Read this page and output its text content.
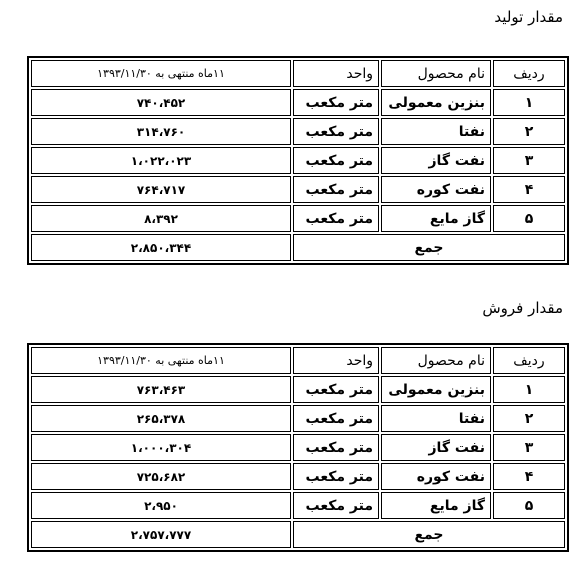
مقدار تولید
ردیف	نام محصول	واحد	۱۱ماه منتهی به ۱۳۹۳/۱۱/۳۰
۱	بنزین معمولی	متر مکعب	۷۴۰،۴۵۲
۲	نفتا	متر مکعب	۳۱۴،۷۶۰
۳	نفت گاز	متر مکعب	۱،۰۲۲،۰۲۳
۴	نفت کوره	متر مکعب	۷۶۴،۷۱۷
۵	گاز مایع	متر مکعب	۸،۳۹۲
جمع			۲،۸۵۰،۳۴۴
مقدار فروش
ردیف	نام محصول	واحد	۱۱ماه منتهی به ۱۳۹۳/۱۱/۳۰
۱	بنزین معمولی	متر مکعب	۷۶۳،۴۶۳
۲	نفتا	متر مکعب	۲۶۵،۳۷۸
۳	نفت گاز	متر مکعب	۱،۰۰۰،۳۰۴
۴	نفت کوره	متر مکعب	۷۲۵،۶۸۲
۵	گاز مایع	متر مکعب	۲،۹۵۰
جمع			۲،۷۵۷،۷۷۷
